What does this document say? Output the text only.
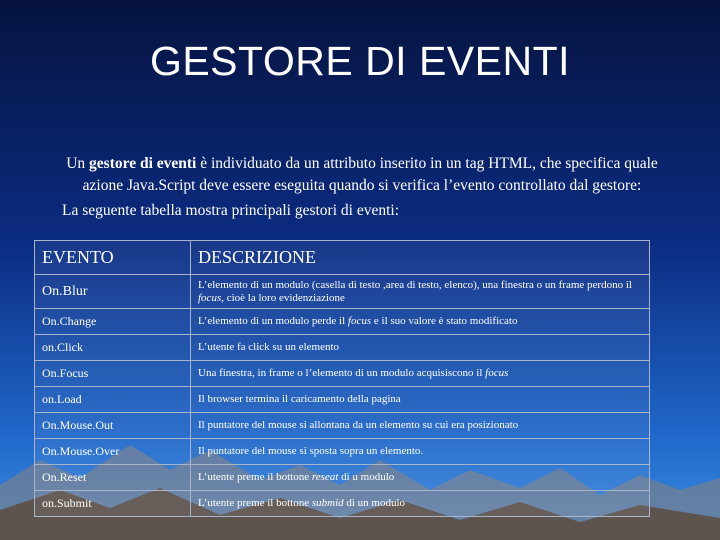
GESTORE DI EVENTI
Un gestore di eventi è individuato da un attributo inserito in un tag HTML, che specifica quale azione Java.Script deve essere eseguita quando si verifica l’evento controllato dal gestore:
La seguente tabella mostra principali gestori di eventi:
EVENTO	DESCRIZIONE
On.Blur	L’elemento di un modulo (casella di testo ,area di testo, elenco), una finestra o un frame perdono il focus, cioè la loro evidenziazione
On.Change	L’elemento di un modulo perde il focus e il suo valore è stato modificato
on.Click	L’utente fa click su un elemento
On.Focus	Una finestra, in frame o l’elemento di un modulo acquisiscono il focus
on.Load	Il browser termina il caricamento della pagina
On.Mouse.Out	Il puntatore del mouse si allontana da un elemento su cui era posizionato
On.Mouse.Over	Il puntatore del mouse si sposta sopra un elemento.
On.Reset	L’utente preme il bottone reseat di u modulo
on.Submit	L’utente preme il bottone submid di un modulo
